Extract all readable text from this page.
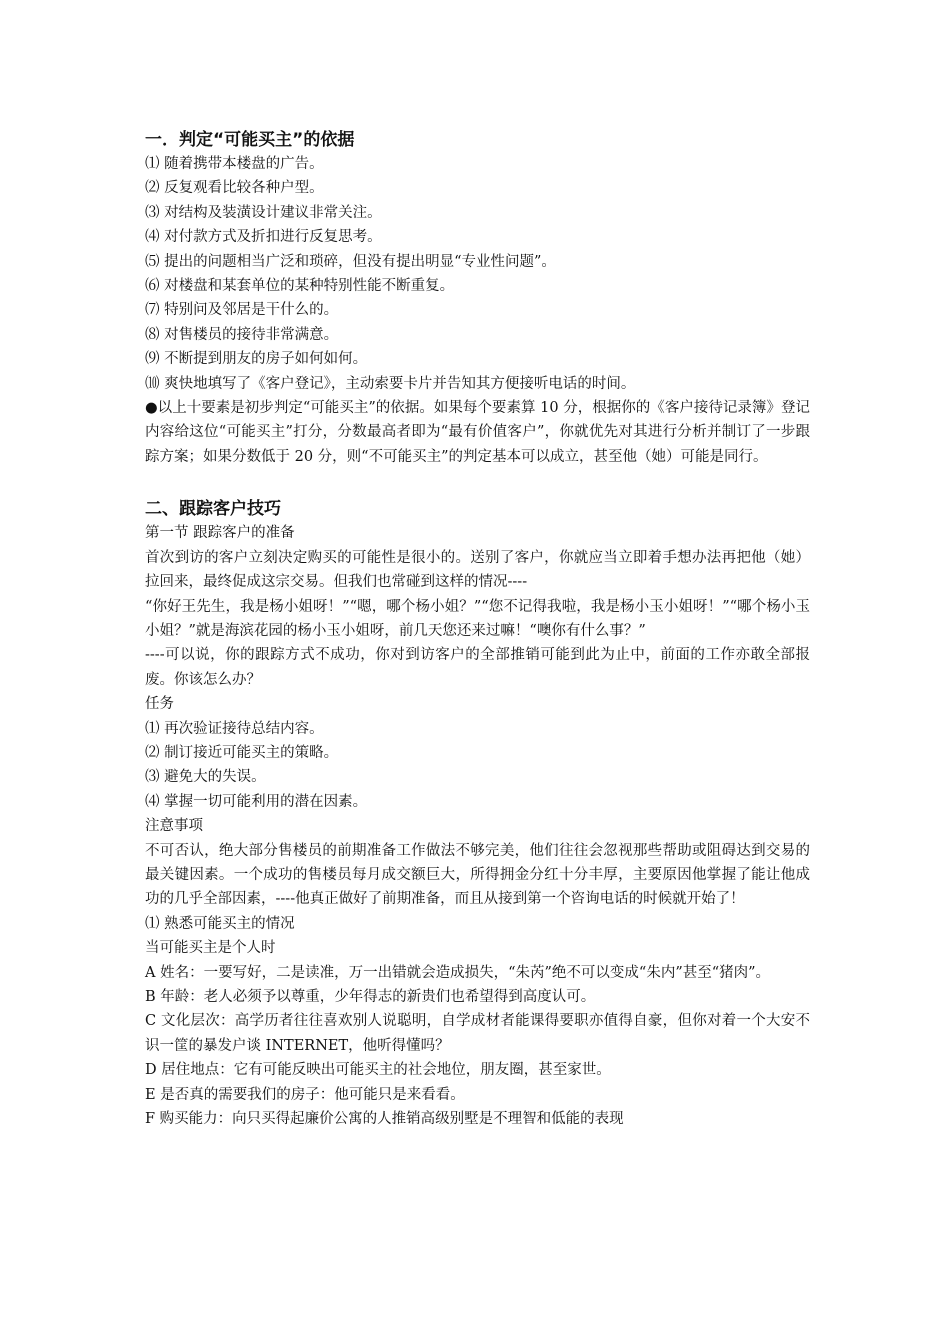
一．判定“可能买主”的依据
⑴ 随着携带本楼盘的广告。
⑵ 反复观看比较各种户型。
⑶ 对结构及装潢设计建议非常关注。
⑷ 对付款方式及折扣进行反复思考。
⑸ 提出的问题相当广泛和琐碎，但没有提出明显“专业性问题”。
⑹ 对楼盘和某套单位的某种特别性能不断重复。
⑺ 特别问及邻居是干什么的。
⑻ 对售楼员的接待非常满意。
⑼ 不断提到朋友的房子如何如何。
⑽ 爽快地填写了《客户登记》，主动索要卡片并告知其方便接听电话的时间。
●以上十要素是初步判定“可能买主”的依据。如果每个要素算 10 分，根据你的《客户接待记录簿》登记内容给这位“可能买主”打分，分数最高者即为“最有价值客户”，你就优先对其进行分析并制订了一步跟踪方案；如果分数低于 20 分，则“不可能买主”的判定基本可以成立，甚至他（她）可能是同行。
二、跟踪客户技巧
第一节 跟踪客户的准备
首次到访的客户立刻决定购买的可能性是很小的。送别了客户，你就应当立即着手想办法再把他（她）拉回来，最终促成这宗交易。但我们也常碰到这样的情况----
“你好王先生，我是杨小姐呀！”“嗯，哪个杨小姐？”“您不记得我啦，我是杨小玉小姐呀！”“哪个杨小玉小姐？”就是海滨花园的杨小玉小姐呀，前几天您还来过嘛！“噢你有什么事？”
----可以说，你的跟踪方式不成功，你对到访客户的全部推销可能到此为止中，前面的工作亦敢全部报废。你该怎么办？
任务
⑴ 再次验证接待总结内容。
⑵ 制订接近可能买主的策略。
⑶ 避免大的失误。
⑷ 掌握一切可能利用的潜在因素。
注意事项
不可否认，绝大部分售楼员的前期准备工作做法不够完美，他们往往会忽视那些帮助或阻碍达到交易的最关键因素。一个成功的售楼员每月成交额巨大，所得拥金分红十分丰厚，主要原因他掌握了能让他成功的几乎全部因素，----他真正做好了前期准备，而且从接到第一个咨询电话的时候就开始了！
⑴ 熟悉可能买主的情况
当可能买主是个人时
A 姓名：一要写好，二是读准，万一出错就会造成损失，“朱芮”绝不可以变成“朱内”甚至“猪肉”。
B 年龄：老人必须予以尊重，少年得志的新贵们也希望得到高度认可。
C 文化层次：高学历者往往喜欢别人说聪明，自学成材者能课得要职亦值得自豪，但你对着一个大安不识一筐的暴发户谈 INTERNET，他听得懂吗？
D 居住地点：它有可能反映出可能买主的社会地位，朋友圈，甚至家世。
E 是否真的需要我们的房子：他可能只是来看看。
F 购买能力：向只买得起廉价公寓的人推销高级别墅是不理智和低能的表现
